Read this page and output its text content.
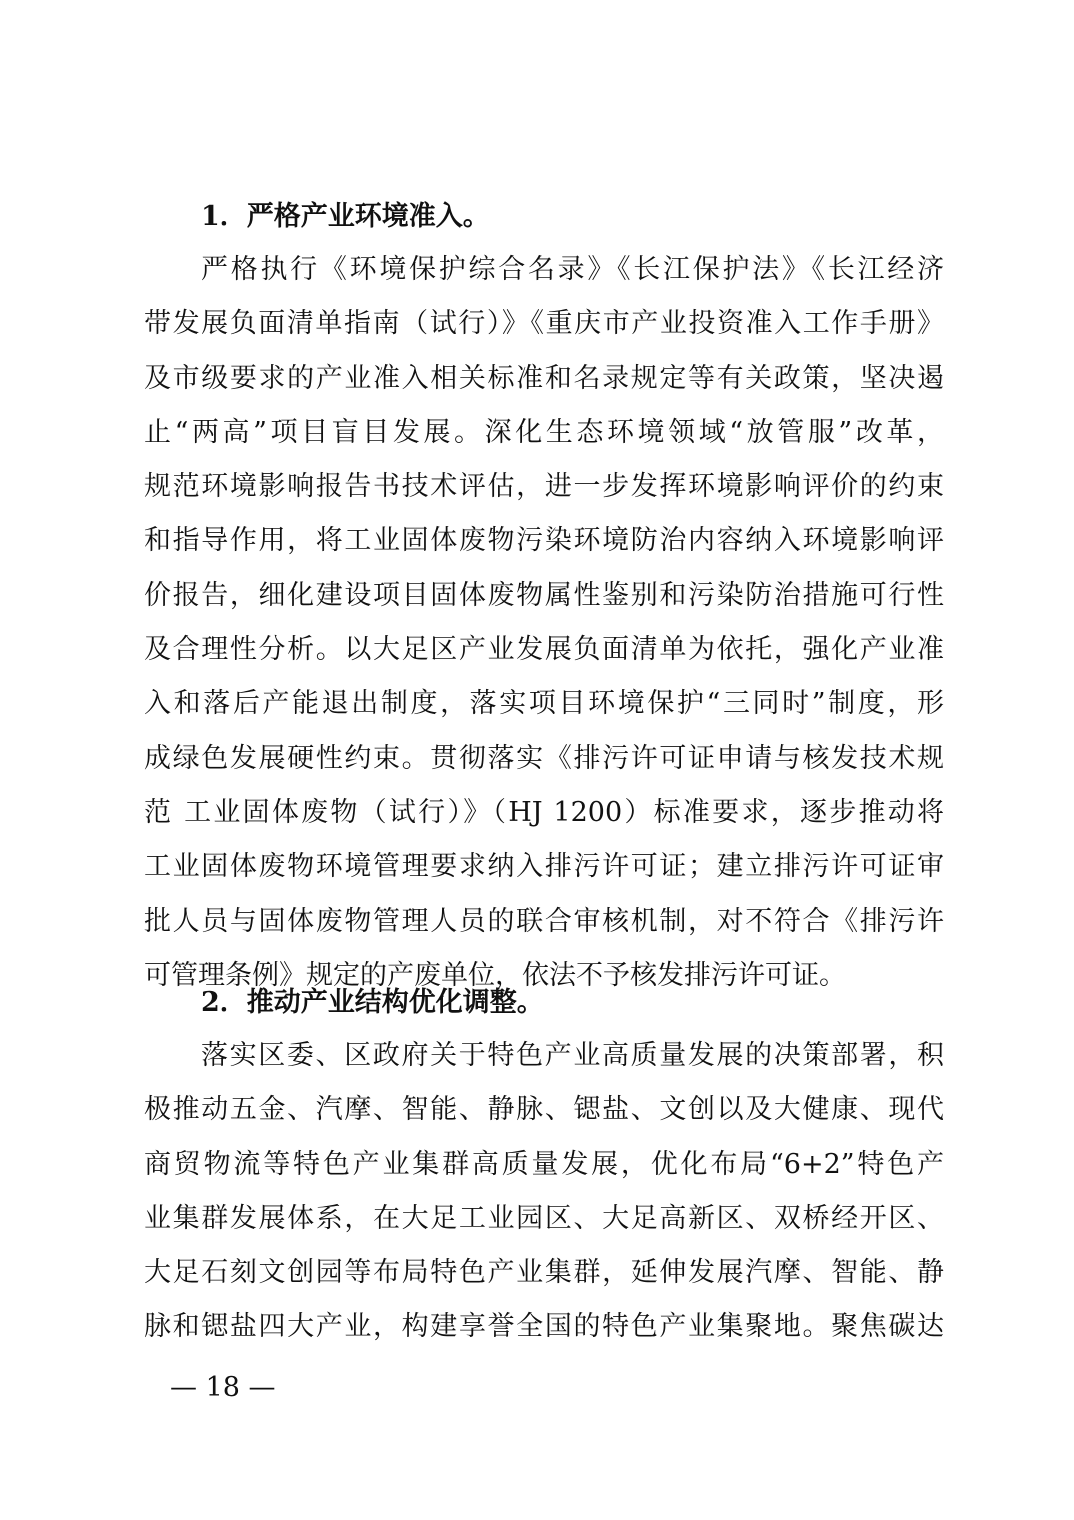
1．严格产业环境准入。
严格执行《环境保护综合名录》《长江保护法》《长江经济
带发展负面清单指南（试行）》《重庆市产业投资准入工作手册》
及市级要求的产业准入相关标准和名录规定等有关政策，坚决遏
止“两高”项目盲目发展。深化生态环境领域“放管服”改革，
规范环境影响报告书技术评估，进一步发挥环境影响评价的约束
和指导作用，将工业固体废物污染环境防治内容纳入环境影响评
价报告，细化建设项目固体废物属性鉴别和污染防治措施可行性
及合理性分析。以大足区产业发展负面清单为依托，强化产业准
入和落后产能退出制度，落实项目环境保护“三同时”制度，形
成绿色发展硬性约束。贯彻落实《排污许可证申请与核发技术规
范 工业固体废物（试行）》（HJ 1200）标准要求，逐步推动将
工业固体废物环境管理要求纳入排污许可证；建立排污许可证审
批人员与固体废物管理人员的联合审核机制，对不符合《排污许
可管理条例》规定的产废单位，依法不予核发排污许可证。
2．推动产业结构优化调整。
落实区委、区政府关于特色产业高质量发展的决策部署，积
极推动五金、汽摩、智能、静脉、锶盐、文创以及大健康、现代
商贸物流等特色产业集群高质量发展，优化布局“6+2”特色产
业集群发展体系，在大足工业园区、大足高新区、双桥经开区、
大足石刻文创园等布局特色产业集群，延伸发展汽摩、智能、静
脉和锶盐四大产业，构建享誉全国的特色产业集聚地。聚焦碳达
— 18 —
